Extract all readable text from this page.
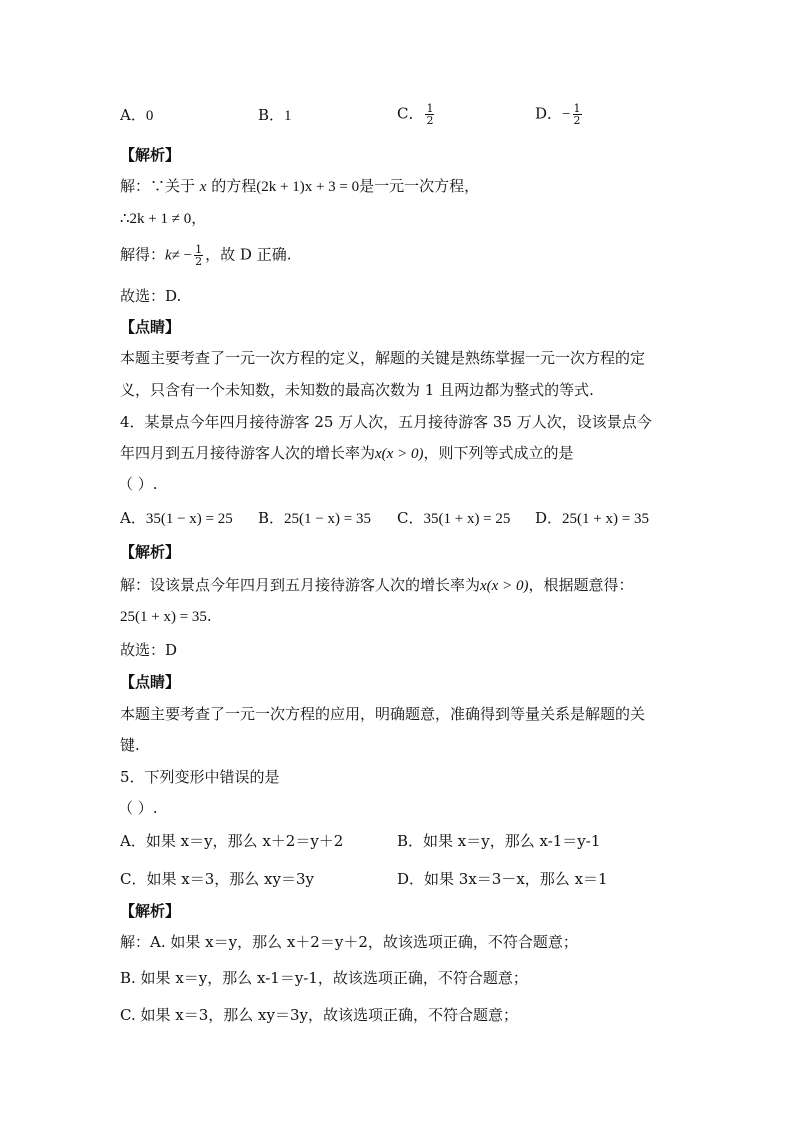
A．0	B．1	C． $\frac{1}{2}$	D．− $\frac{1}{2}$
【解析】
解：∵关于 x 的方程(2k + 1)x + 3 = 0是一元一次方程，
∴2k + 1 ≠ 0，
解得：$k\ne - \frac{1}{2}$ ，故 D 正确.
故选：D.
【点睛】
本题主要考查了一元一次方程的定义，解题的关键是熟练掌握一元一次方程的定
义，只含有一个未知数，未知数的最高次数为 1 且两边都为整式的等式.
4．某景点今年四月接待游客 25 万人次，五月接待游客 35 万人次，设该景点今
年四月到五月接待游客人次的增长率为x(x > 0)，则下列等式成立的是
（ ）.
A．35(1 − x) = 25 B．25(1 − x) = 35 C．35(1 + x) = 25 D．25(1 + x) = 35
【解析】
解：设该景点今年四月到五月接待游客人次的增长率为x(x > 0)，根据题意得：
25(1 + x) = 35.
故选：D
【点睛】
本题主要考查了一元一次方程的应用，明确题意，准确得到等量关系是解题的关
键.
5．下列变形中错误的是
（ ）.
A．如果 x＝y，那么 x＋2＝y＋2	B．如果 x＝y，那么 x-1＝y-1
C．如果 x＝3，那么 xy＝3y	D．如果 3x＝3－x，那么 x＝1
【解析】
解：A. 如果 x＝y，那么 x＋2＝y＋2，故该选项正确，不符合题意；
B. 如果 x＝y，那么 x-1＝y-1，故该选项正确，不符合题意；
C. 如果 x＝3，那么 xy＝3y，故该选项正确，不符合题意；
